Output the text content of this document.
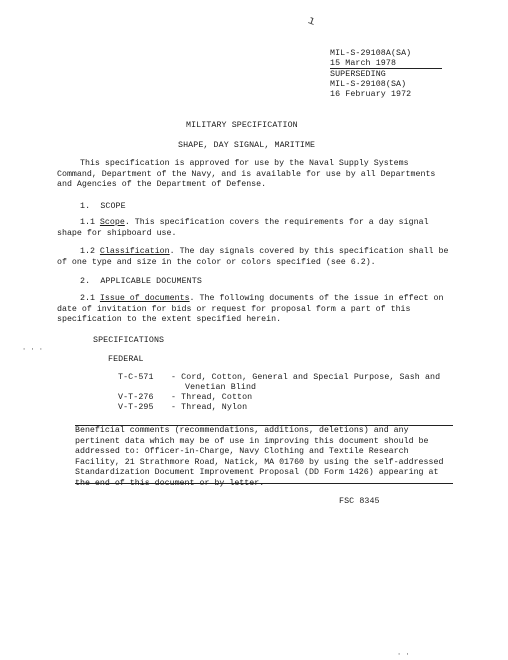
ı
MIL-S-29108A(SA)
15 March 1978
SUPERSEDING
MIL-S-29108(SA)
16 February 1972
MILITARY SPECIFICATION
SHAPE, DAY SIGNAL, MARITIME
This specification is approved for use by the Naval Supply Systems Command, Department of the Navy, and is available for use by all Departments and Agencies of the Department of Defense.
1.  SCOPE
1.1 Scope. This specification covers the requirements for a day signal shape for shipboard use.
1.2 Classification. The day signals covered by this specification shall be of one type and size in the color or colors specified (see 6.2).
2.  APPLICABLE DOCUMENTS
2.1 Issue of documents. The following documents of the issue in effect on date of invitation for bids or request for proposal form a part of this specification to the extent specified herein.
· · ·
· ·
SPECIFICATIONS
FEDERAL
T-C-571 - Cord, Cotton, General and Special Purpose, Sash and
Venetian Blind
V-T-276 - Thread, Cotton
V-T-295 - Thread, Nylon
Beneficial comments (recommendations, additions, deletions) and any pertinent data which may be of use in improving this document should be addressed to: Officer-in-Charge, Navy Clothing and Textile Research Facility, 21 Strathmore Road, Natick, MA 01760 by using the self-addressed Standardization Document Improvement Proposal (DD Form 1426) appearing at the end of this document or by letter.
FSC 8345
